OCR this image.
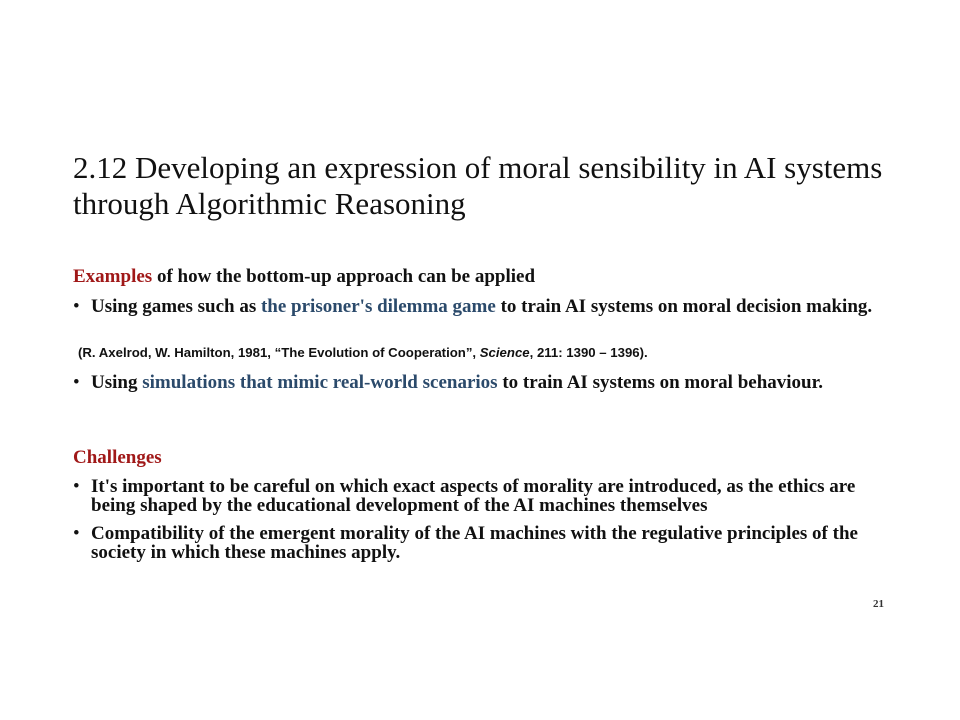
2.12 Developing an expression of moral sensibility in AI systems through Algorithmic Reasoning
Examples of how the bottom-up approach can be applied
• Using games such as the prisoner's dilemma game to train AI systems on moral decision making.
(R. Axelrod, W. Hamilton, 1981, “The Evolution of Cooperation”, Science, 211: 1390 – 1396).
• Using simulations that mimic real-world scenarios to train AI systems on moral behaviour.
Challenges
• It's important to be careful on which exact aspects of morality are introduced, as the ethics are being shaped by the educational development of the AI machines themselves
• Compatibility of the emergent morality of the AI machines with the regulative principles of the society in which these machines apply.
21
